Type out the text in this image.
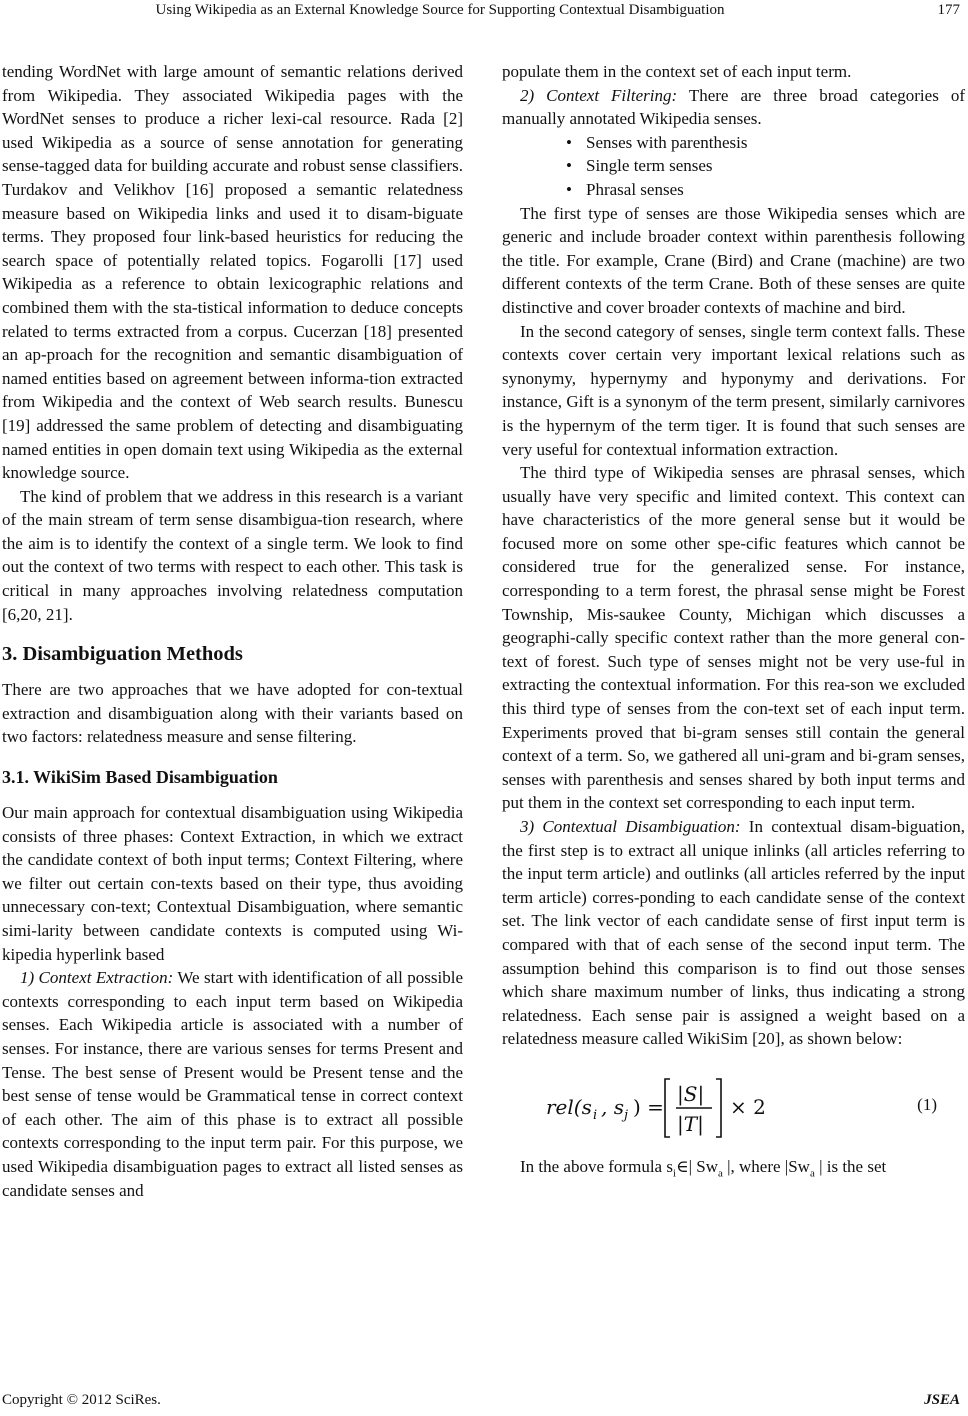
Using Wikipedia as an External Knowledge Source for Supporting Contextual Disambiguation	177

tending WordNet with large amount of semantic relations derived from Wikipedia. They associated Wikipedia pages with the WordNet senses to produce a richer lexi-cal resource. Rada [2] used Wikipedia as a source of sense annotation for generating sense-tagged data for building accurate and robust sense classifiers. Turdakov and Velikhov [16] proposed a semantic relatedness measure based on Wikipedia links and used it to disam-biguate terms. They proposed four link-based heuristics for reducing the search space of potentially related topics. Fogarolli [17] used Wikipedia as a reference to obtain lexicographic relations and combined them with the sta-tistical information to deduce concepts related to terms extracted from a corpus. Cucerzan [18] presented an ap-proach for the recognition and semantic disambiguation of named entities based on agreement between informa-tion extracted from Wikipedia and the context of Web search results. Bunescu [19] addressed the same problem of detecting and disambiguating named entities in open domain text using Wikipedia as the external knowledge source.

The kind of problem that we address in this research is a variant of the main stream of term sense disambigua-tion research, where the aim is to identify the context of a single term. We look to find out the context of two terms with respect to each other. This task is critical in many approaches involving relatedness computation [6,20, 21].

3. Disambiguation Methods

There are two approaches that we have adopted for con-textual extraction and disambiguation along with their variants based on two factors: relatedness measure and sense filtering.

3.1. WikiSim Based Disambiguation

Our main approach for contextual disambiguation using Wikipedia consists of three phases: Context Extraction, in which we extract the candidate context of both input terms; Context Filtering, where we filter out certain con-texts based on their type, thus avoiding unnecessary con-text; Contextual Disambiguation, where semantic simi-larity between candidate contexts is computed using Wi-kipedia hyperlink based

1) Context Extraction: We start with identification of all possible contexts corresponding to each input term based on Wikipedia senses. Each Wikipedia article is associated with a number of senses. For instance, there are various senses for terms Present and Tense. The best sense of Present would be Present tense and the best sense of tense would be Grammatical tense in correct context of each other. The aim of this phase is to extract all possible contexts corresponding to the input term pair. For this purpose, we used Wikipedia disambiguation pages to extract all listed senses as candidate senses and

populate them in the context set of each input term.

2) Context Filtering: There are three broad categories of manually annotated Wikipedia senses.

• Senses with parenthesis
• Single term senses
• Phrasal senses

The first type of senses are those Wikipedia senses which are generic and include broader context within parenthesis following the title. For example, Crane (Bird) and Crane (machine) are two different contexts of the term Crane. Both of these senses are quite distinctive and cover broader contexts of machine and bird.

In the second category of senses, single term context falls. These contexts cover certain very important lexical relations such as synonymy, hypernymy and hyponymy and derivations. For instance, Gift is a synonym of the term present, similarly carnivores is the hypernym of the term tiger. It is found that such senses are very useful for contextual information extraction.

The third type of Wikipedia senses are phrasal senses, which usually have very specific and limited context. This context can have characteristics of the more general sense but it would be focused more on some other spe-cific features which cannot be considered true for the generalized sense. For instance, corresponding to a term forest, the phrasal sense might be Forest Township, Mis-saukee County, Michigan which discusses a geographi-cally specific context rather than the more general con-text of forest. Such type of senses might not be very use-ful in extracting the contextual information. For this rea-son we excluded this third type of senses from the con-text set of each input term. Experiments proved that bi-gram senses still contain the general context of a term. So, we gathered all uni-gram and bi-gram senses, senses with parenthesis and senses shared by both input terms and put them in the context set corresponding to each input term.

3) Contextual Disambiguation: In contextual disam-biguation, the first step is to extract all unique inlinks (all articles referring to the input term article) and outlinks (all articles referred by the input term article) corres-ponding to each candidate sense of the context set. The link vector of each candidate sense of first input term is compared with that of each sense of the second input term. The assumption behind this comparison is to find out those senses which share maximum number of links, thus indicating a strong relatedness. Each sense pair is assigned a weight based on a relatedness measure called WikiSim [20], as shown below:

rel(s i , s j ) =
|S|
|T|
× 2	(1)

In the above formula $s_i\in|$ $Sw_a$ |, where $|Sw_a$ | is the set

Copyright © 2012 SciRes.	JSEA
